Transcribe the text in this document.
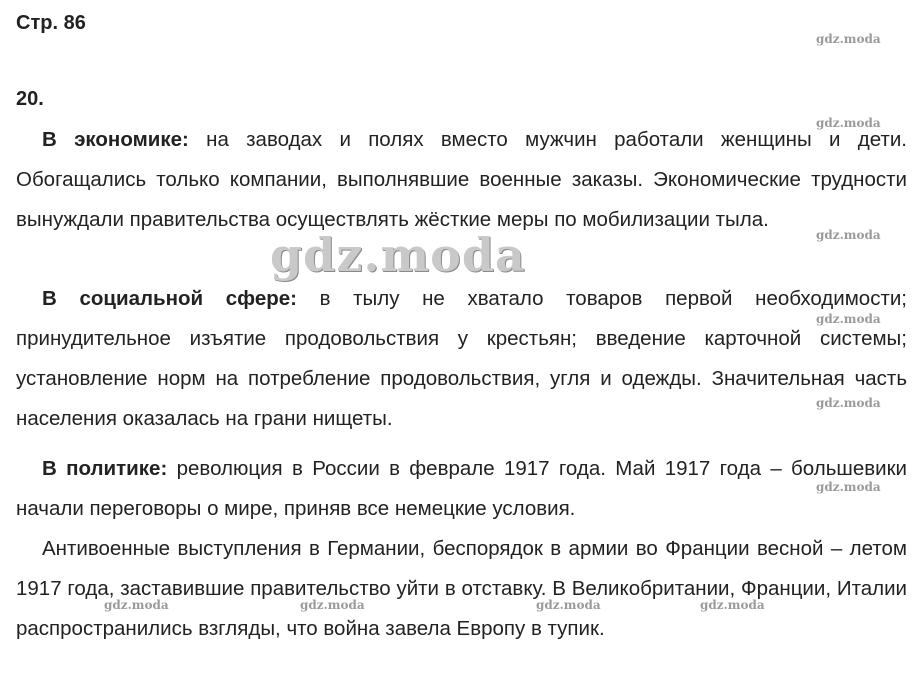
Стр. 86
20.

В экономике: на заводах и полях вместо мужчин работали женщины и дети. Обогащались только компании, выполнявшие военные заказы. Экономические трудности вынуждали правительства осуществлять жёсткие меры по мобилизации тыла.

В социальной сфере: в тылу не хватало товаров первой необходимости; принудительное изъятие продовольствия у крестьян; введение карточной системы; установление норм на потребление продовольствия, угля и одежды. Значительная часть населения оказалась на грани нищеты.

В политике: революция в России в феврале 1917 года. Май 1917 года – большевики начали переговоры о мире, приняв все немецкие условия.

Антивоенные выступления в Германии, беспорядок в армии во Франции весной – летом 1917 года, заставившие правительство уйти в отставку. В Великобритании, Франции, Италии распространились взгляды, что война завела Европу в тупик.

gdz.moda
gdz.moda
gdz.moda
gdz.moda
gdz.moda
gdz.moda
gdz.moda
gdz.moda	gdz.moda	gdz.moda	gdz.moda
